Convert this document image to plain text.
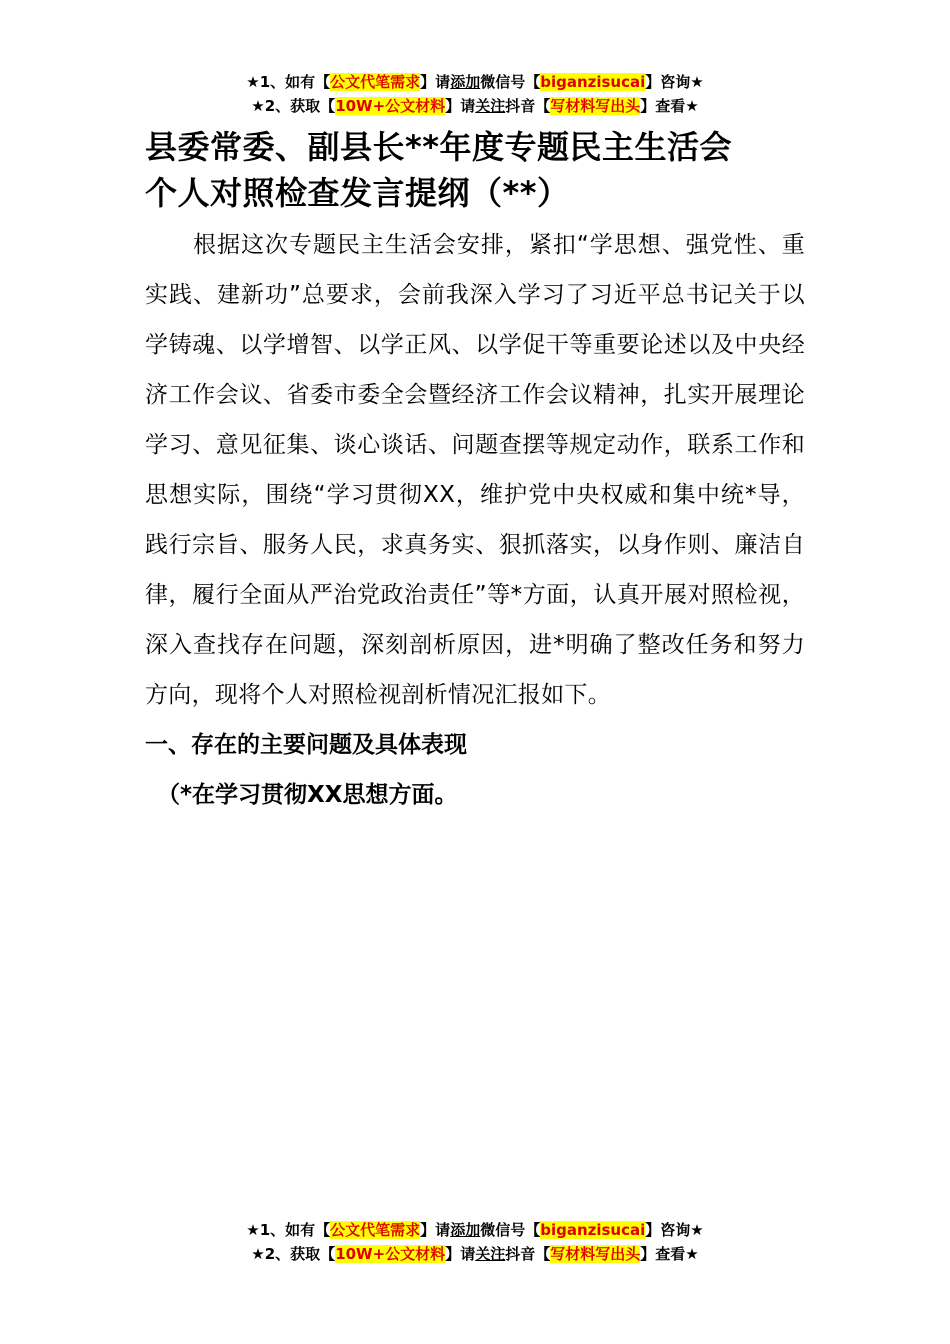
★1、如有【公文代笔需求】请添加微信号【biganzisucai】咨询★
★2、获取【10W+公文材料】请关注抖音【写材料写出头】查看★
县委常委、副县长**年度专题民主生活会
个人对照检查发言提纲（**）

根据这次专题民主生活会安排，紧扣“学思想、强党性、重实践、建新功”总要求，会前我深入学习了习近平总书记关于以学铸魂、以学增智、以学正风、以学促干等重要论述以及中央经济工作会议、省委市委全会暨经济工作会议精神，扎实开展理论学习、意见征集、谈心谈话、问题查摆等规定动作，联系工作和思想实际，围绕“学习贯彻XX，维护党中央权威和集中统*导，践行宗旨、服务人民，求真务实、狠抓落实，以身作则、廉洁自律，履行全面从严治党政治责任”等*方面，认真开展对照检视，深入查找存在问题，深刻剖析原因，进*明确了整改任务和努力方向，现将个人对照检视剖析情况汇报如下。

一、存在的主要问题及具体表现
（*在学习贯彻XX思想方面。
★1、如有【公文代笔需求】请添加微信号【biganzisucai】咨询★
★2、获取【10W+公文材料】请关注抖音【写材料写出头】查看★
